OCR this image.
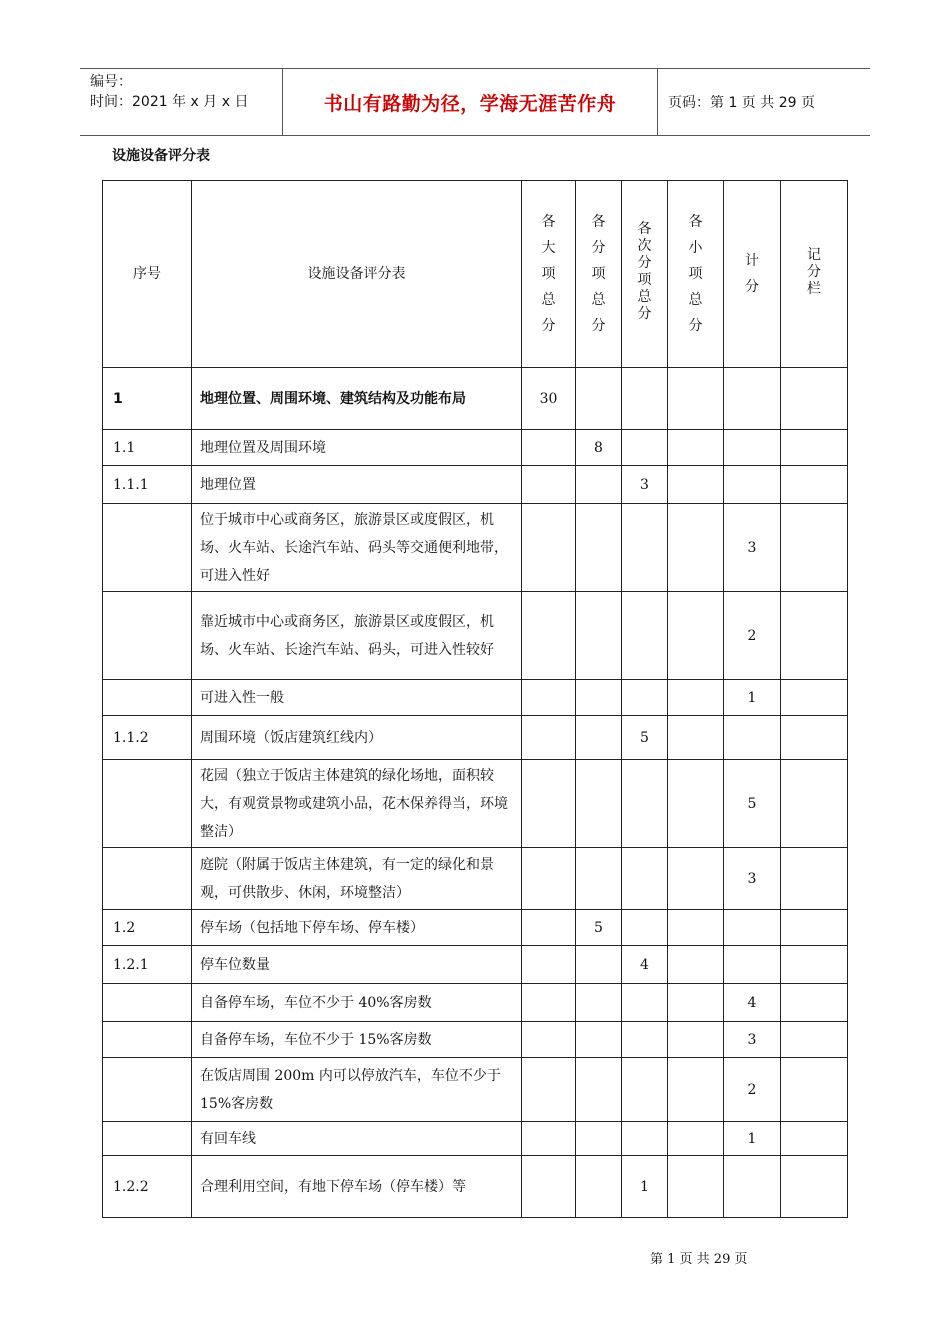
编号：
时间：2021 年 x 月 x 日	书山有路勤为径，学海无涯苦作舟	页码：第 1 页 共 29 页
设施设备评分表
序号	设施设备评分表	各大项总分	各分项总分	各次分项总分	各小项总分	计分	记分栏
1	地理位置、周围环境、建筑结构及功能布局	30					
1.1	地理位置及周围环境		8				
1.1.1	地理位置			3			
	位于城市中心或商务区，旅游景区或度假区，机场、火车站、长途汽车站、码头等交通便利地带，可进入性好					3	
	靠近城市中心或商务区，旅游景区或度假区，机场、火车站、长途汽车站、码头，可进入性较好					2	
	可进入性一般					1	
1.1.2	周围环境（饭店建筑红线内）			5			
	花园（独立于饭店主体建筑的绿化场地，面积较大，有观赏景物或建筑小品，花木保养得当，环境整洁）					5	
	庭院（附属于饭店主体建筑，有一定的绿化和景观，可供散步、休闲，环境整洁）					3	
1.2	停车场（包括地下停车场、停车楼）		5				
1.2.1	停车位数量			4			
	自备停车场，车位不少于 40%客房数					4	
	自备停车场，车位不少于 15%客房数					3	
	在饭店周围 200m 内可以停放汽车，车位不少于 15%客房数					2	
	有回车线					1	
1.2.2	合理利用空间，有地下停车场（停车楼）等			1			
第 1 页 共 29 页
